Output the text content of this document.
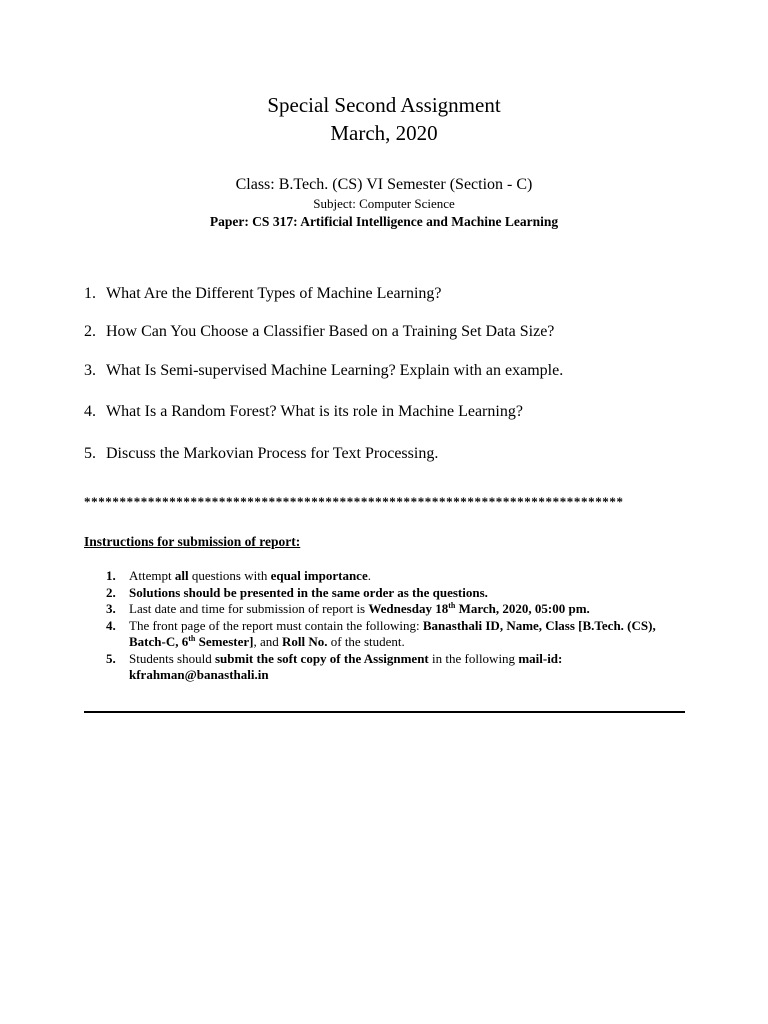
Special Second Assignment
March, 2020
Class: B.Tech. (CS) VI Semester (Section - C)
Subject: Computer Science
Paper: CS 317: Artificial Intelligence and Machine Learning
1. What Are the Different Types of Machine Learning?
2. How Can You Choose a Classifier Based on a Training Set Data Size?
3. What Is Semi-supervised Machine Learning? Explain with an example.
4. What Is a Random Forest? What is its role in Machine Learning?
5. Discuss the Markovian Process for Text Processing.
****************************************************************************
Instructions for submission of report:
1. Attempt all questions with equal importance.
2. Solutions should be presented in the same order as the questions.
3. Last date and time for submission of report is Wednesday 18th March, 2020, 05:00 pm.
4. The front page of the report must contain the following: Banasthali ID, Name, Class [B.Tech. (CS), Batch-C, 6th Semester], and Roll No. of the student.
5. Students should submit the soft copy of the Assignment in the following mail-id: kfrahman@banasthali.in
